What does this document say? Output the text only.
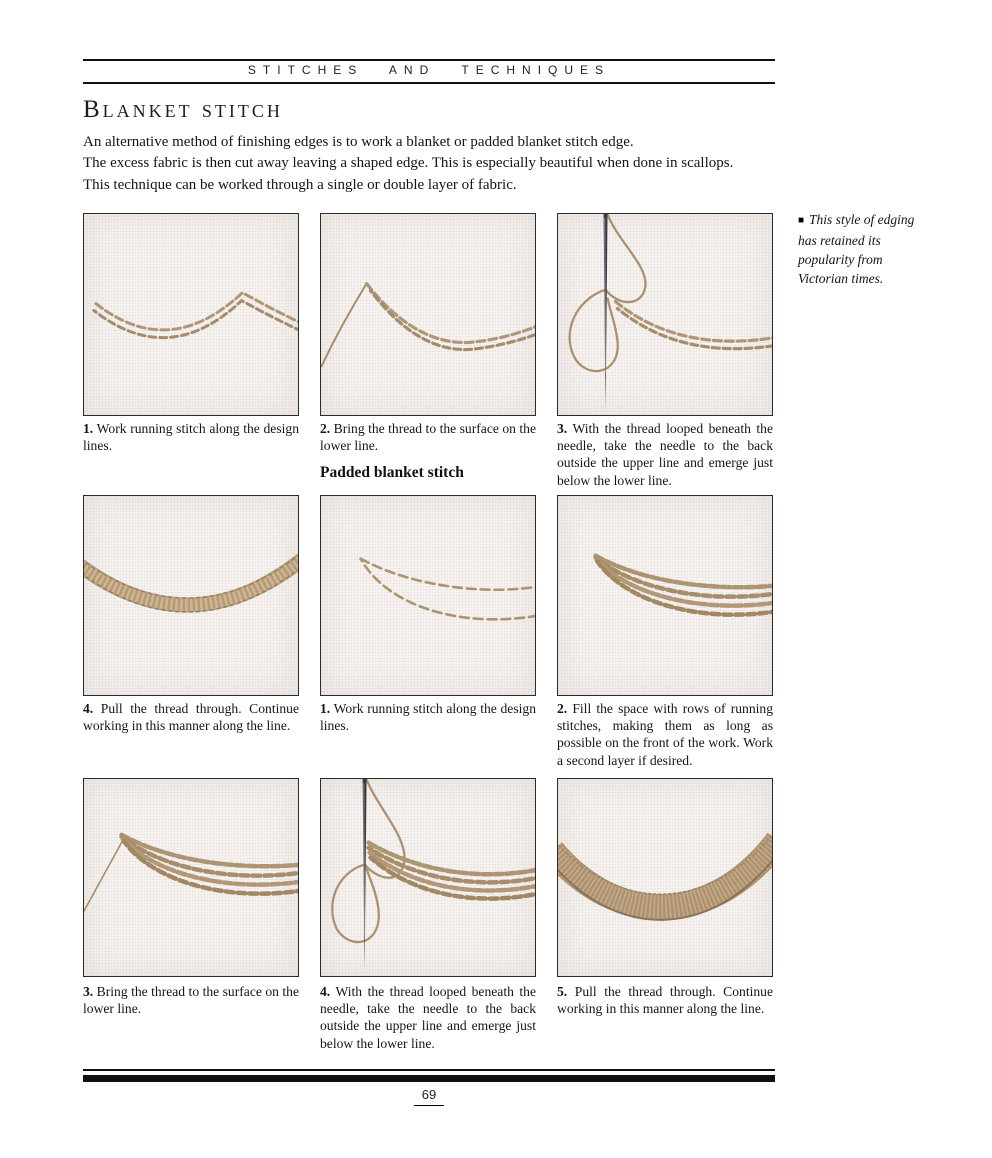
STITCHES AND TECHNIQUES
Blanket stitch
An alternative method of finishing edges is to work a blanket or padded blanket stitch edge.
The excess fabric is then cut away leaving a shaped edge. This is especially beautiful when done in scallops.
This technique can be worked through a single or double layer of fabric.
■ This style of edging has retained its popularity from Victorian times.
1. Work running stitch along the design lines.
2. Bring the thread to the surface on the lower line.
3. With the thread looped beneath the needle, take the needle to the back outside the upper line and emerge just below the lower line.
Padded blanket stitch
4. Pull the thread through. Continue working in this manner along the line.
1. Work running stitch along the design lines.
2. Fill the space with rows of running stitches, making them as long as possible on the front of the work. Work a second layer if desired.
3. Bring the thread to the surface on the lower line.
4. With the thread looped beneath the needle, take the needle to the back outside the upper line and emerge just below the lower line.
5. Pull the thread through. Continue working in this manner along the line.
69
